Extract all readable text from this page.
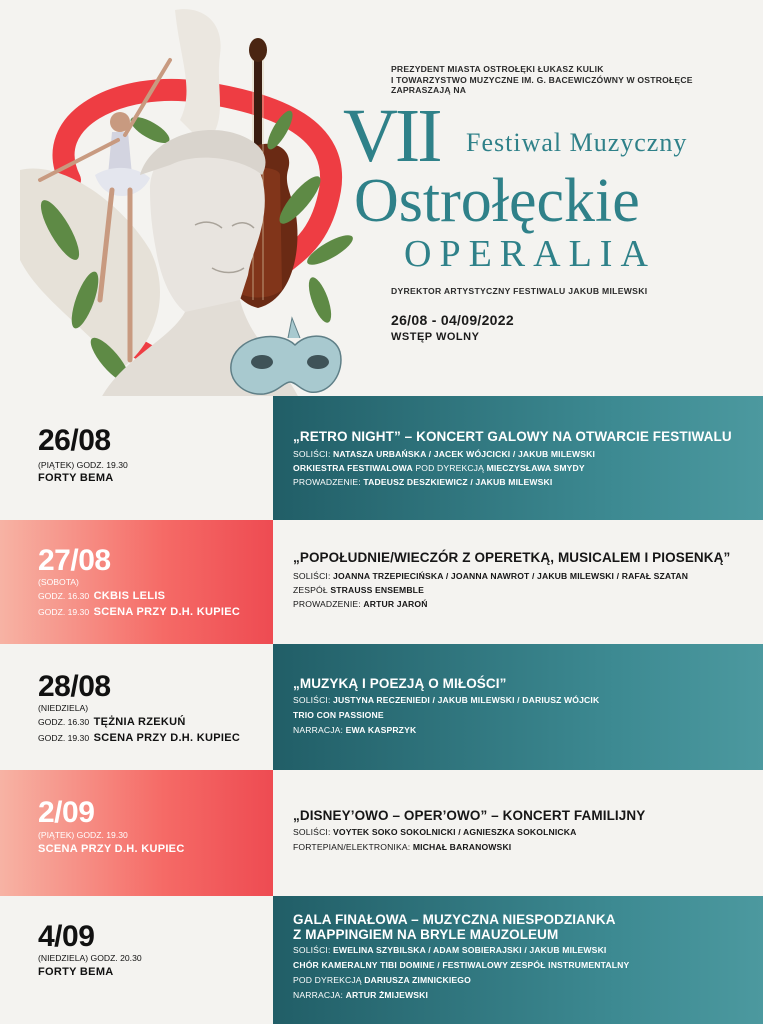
PREZYDENT MIASTA OSTROŁĘKI ŁUKASZ KULIK
I TOWARZYSTWO MUZYCZNE IM. G. BACEWICZÓWNY W OSTROŁĘCE
ZAPRASZAJĄ NA
VII Festiwal Muzyczny
Ostrołęckie
OPERALIA
DYREKTOR ARTYSTYCZNY FESTIWALU JAKUB MILEWSKI
26/08 - 04/09/2022
WSTĘP WOLNY
26/08
(PIĄTEK) GODZ. 19.30
FORTY BEMA
„RETRO NIGHT” – KONCERT GALOWY NA OTWARCIE FESTIWALU
SOLIŚCI: NATASZA URBAŃSKA / JACEK WÓJCICKI / JAKUB MILEWSKI
ORKIESTRA FESTIWALOWA POD DYREKCJĄ MIECZYSŁAWA SMYDY
PROWADZENIE: TADEUSZ DESZKIEWICZ / JAKUB MILEWSKI
27/08
(SOBOTA)
GODZ. 16.30 CKBIS LELIS
GODZ. 19.30 SCENA PRZY D.H. KUPIEC
„POPOŁUDNIE/WIECZÓR Z OPERETKĄ, MUSICALEM I PIOSENKĄ”
SOLIŚCI: JOANNA TRZEPIECIŃSKA / JOANNA NAWROT / JAKUB MILEWSKI / RAFAŁ SZATAN
ZESPÓŁ STRAUSS ENSEMBLE
PROWADZENIE: ARTUR JAROŃ
28/08
(NIEDZIELA)
GODZ. 16.30 TĘŻNIA RZEKUŃ
GODZ. 19.30 SCENA PRZY D.H. KUPIEC
„MUZYKĄ I POEZJĄ O MIŁOŚCI”
SOLIŚCI: JUSTYNA RECZENIEDI / JAKUB MILEWSKI / DARIUSZ WÓJCIK
TRIO CON PASSIONE
NARRACJA: EWA KASPRZYK
2/09
(PIĄTEK) GODZ. 19.30
SCENA PRZY D.H. KUPIEC
„DISNEY’OWO – OPER’OWO” – KONCERT FAMILIJNY
SOLIŚCI: VOYTEK SOKO SOKOLNICKI / AGNIESZKA SOKOLNICKA
FORTEPIAN/ELEKTRONIKA: MICHAŁ BARANOWSKI
4/09
(NIEDZIELA) GODZ. 20.30
FORTY BEMA
GALA FINAŁOWA – MUZYCZNA NIESPODZIANKA
Z MAPPINGIEM NA BRYLE MAUZOLEUM
SOLIŚCI: EWELINA SZYBILSKA / ADAM SOBIERAJSKI / JAKUB MILEWSKI
CHÓR KAMERALNY TIBI DOMINE / FESTIWALOWY ZESPÓŁ INSTRUMENTALNY
POD DYREKCJĄ DARIUSZA ZIMNICKIEGO
NARRACJA: ARTUR ŻMIJEWSKI
